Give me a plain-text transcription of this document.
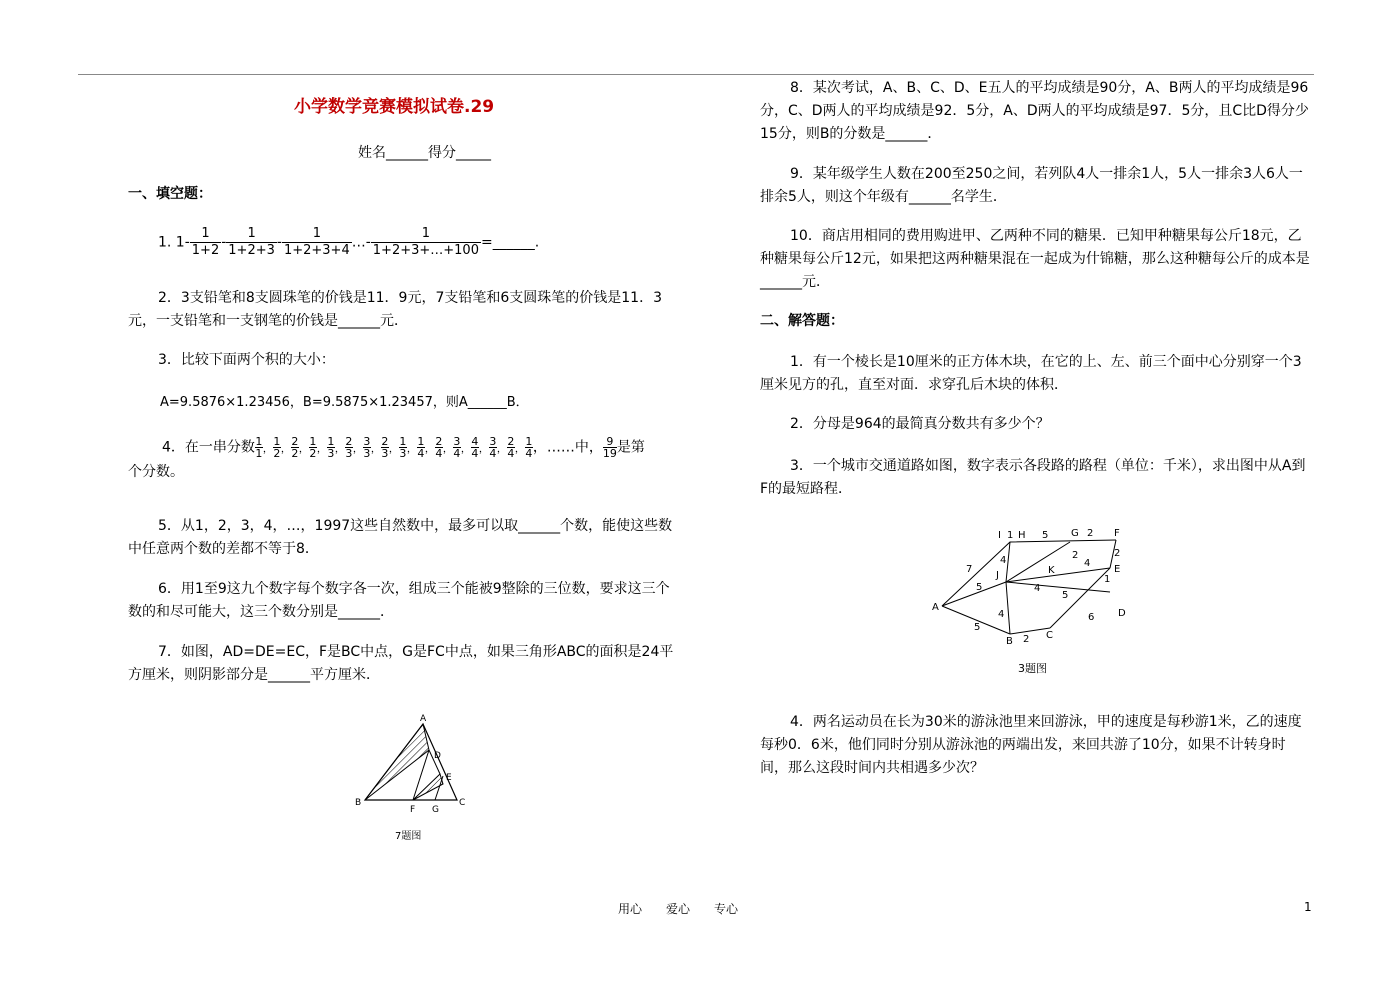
小学数学竞赛模拟试卷.29
姓名______得分_____
一、填空题：
1. $1- \frac{1}{1+2} - \frac{1}{1+2+3} - \frac{1}{1+2+3+4}$ …- $\frac{1}{1+2+3+\dots+100}$ =______.
2．3支铅笔和8支圆珠笔的价钱是11．9元，7支铅笔和6支圆珠笔的价钱是11．3元，一支铅笔和一支钢笔的价钱是______元．
3．比较下面两个积的大小：
A=9.5876×1.23456，B=9.5875×1.23457，则A______B．
4．在一串分数$\frac{1}{1}$ ，$\frac{1}{2}$ ，$\frac{2}{2}$ ，$\frac{1}{2}$ ，$\frac{1}{3}$ ，$\frac{2}{3}$ ，$\frac{3}{3}$ ，$\frac{2}{3}$ ，$\frac{1}{3}$ ，$\frac{1}{4}$ ，$\frac{2}{4}$ ，$\frac{3}{4}$ ，$\frac{4}{4}$ ，$\frac{3}{4}$ ，$\frac{2}{4}$ ，$\frac{1}{4}$ ，……中，$\frac{9}{19}$ 是第
个分数。
5．从1，2，3，4，…，1997这些自然数中，最多可以取______个数，能使这些数中任意两个数的差都不等于8．
6．用1至9这九个数字每个数字各一次，组成三个能被9整除的三位数，要求这三个数的和尽可能大，这三个数分别是______．
7．如图，AD=DE=EC，F是BC中点，G是FC中点，如果三角形ABC的面积是24平方厘米，则阴影部分是______平方厘米．
A
B	C
D
E
F G
7题图
8．某次考试，A、B、C、D、E五人的平均成绩是90分，A、B两人的平均成绩是96分，C、D两人的平均成绩是92．5分，A、D两人的平均成绩是97．5分，且C比D得分少15分，则B的分数是______．
9．某年级学生人数在200至250之间，若列队4人一排余1人，5人一排余3人6人一排余5人，则这个年级有______名学生．
10．商店用相同的费用购进甲、乙两种不同的糖果．已知甲种糖果每公斤18元，乙种糖果每公斤12元，如果把这两种糖果混在一起成为什锦糖，那么这种糖每公斤的成本是______元．
二、解答题：
1．有一个棱长是10厘米的正方体木块，在它的上、左、前三个面中心分别穿一个3厘米见方的孔，直至对面．求穿孔后木块的体积．
2．分母是964的最简真分数共有多少个？
3．一个城市交通道路如图，数字表示各段路的路程（单位：千米），求出图中从A到F的最短路程．
I H	G	F
E
J	K
A
B
C
D
1	5	2
2
7
4
5	4
4
5
2
6
5
2
4
1
3题图
4．两名运动员在长为30米的游泳池里来回游泳，甲的速度是每秒游1米，乙的速度每秒0．6米，他们同时分别从游泳池的两端出发，来回共游了10分，如果不计转身时间，那么这段时间内共相遇多少次？
用心　　爱心　　专心	1
